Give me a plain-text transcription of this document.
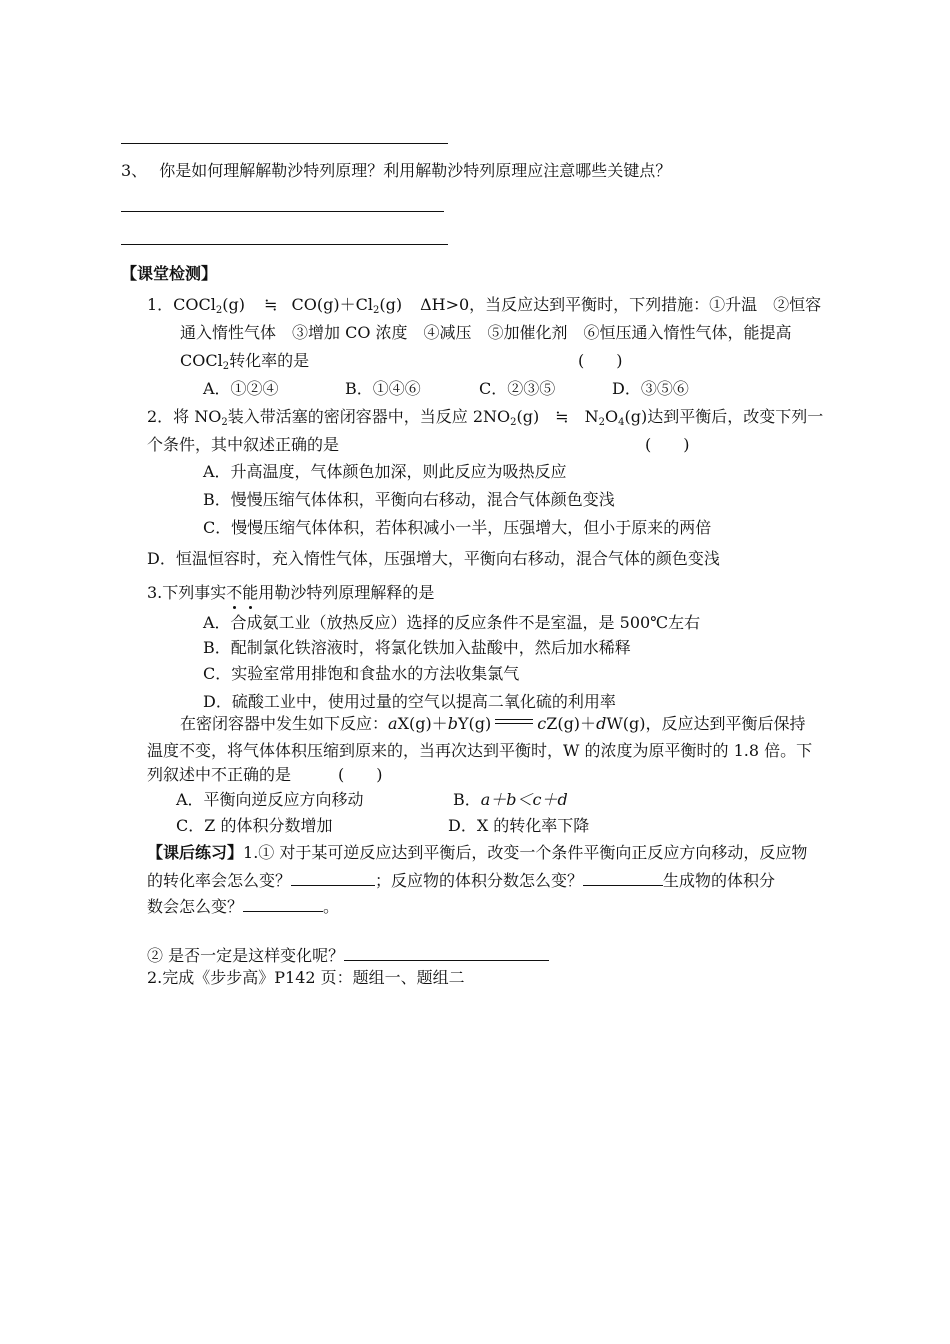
3、 你是如何理解解勒沙特列原理？利用解勒沙特列原理应注意哪些关键点？
【课堂检测】
1．COCl$_2$(g) ≒ $CO(g)+Cl_2(g)$ ΔH>0，当反应达到平衡时，下列措施：①升温　②恒容
通入惰性气体　③增加 CO 浓度　④减压　⑤加催化剂　⑥恒压通入惰性气体，能提高
COCl$_2$转化率的是	(　　)
A．①②④	B．①④⑥	C．②③⑤	D．③⑤⑥
2．将 $NO_2$装入带活塞的密闭容器中，当反应 $2NO_2(g)$ ≒ $N_2O_4(g)$达到平衡后，改变下列一
个条件，其中叙述正确的是	(　　)
A．升高温度，气体颜色加深，则此反应为吸热反应
B．慢慢压缩气体体积，平衡向右移动，混合气体颜色变浅
C．慢慢压缩气体体积，若体积减小一半，压强增大，但小于原来的两倍
D．恒温恒容时，充入惰性气体，压强增大，平衡向右移动，混合气体的颜色变浅
3.下列事实不能用勒沙特列原理解释的是
A．合成氨工业（放热反应）选择的反应条件不是室温，是 500℃左右
B．配制氯化铁溶液时，将氯化铁加入盐酸中，然后加水稀释
C．实验室常用排饱和食盐水的方法收集氯气
D．硫酸工业中，使用过量的空气以提高二氧化硫的利用率
在密闭容器中发生如下反应：aX(g)＋bY(g)	cZ(g)＋dW(g)，反应达到平衡后保持
温度不变，将气体体积压缩到原来的，当再次达到平衡时，W 的浓度为原平衡时的 1.8 倍。下
列叙述中不正确的是	(　　)
A．平衡向逆反应方向移动	B．a＋b＜c＋d
C．Z 的体积分数增加	D．X 的转化率下降
【课后练习】1.① 对于某可逆反应达到平衡后，改变一个条件平衡向正反应方向移动，反应物
的转化率会怎么变？	；反应物的体积分数怎么变？	生成物的体积分
数会怎么变？	。
② 是否一定是这样变化呢？
2.完成《步步高》P142 页：题组一、题组二
